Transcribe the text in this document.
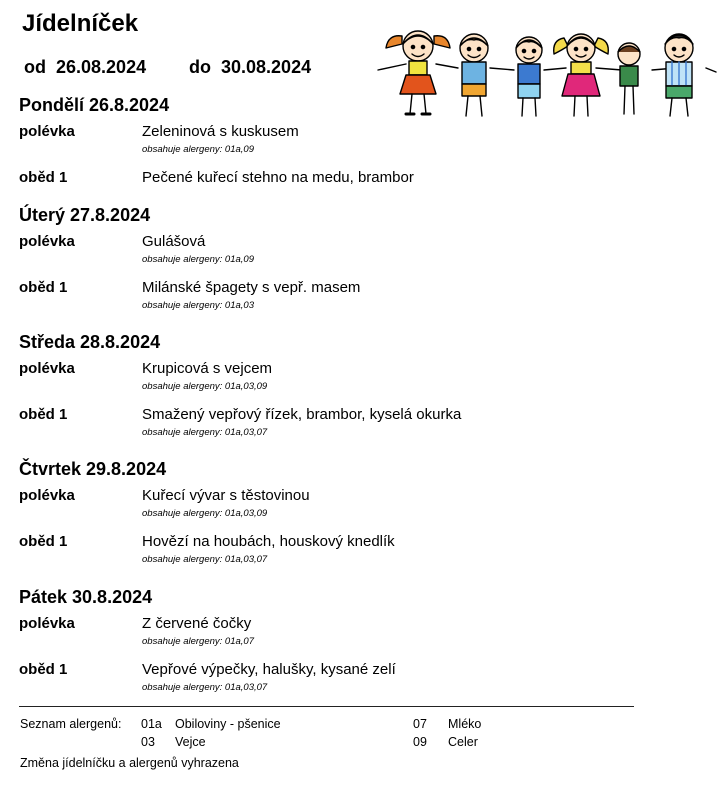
Jídelníček
od 26.08.2024 do 30.08.2024
Pondělí 26.8.2024
polévka	Zeleninová s kuskusem
obsahuje alergeny: 01a,09
oběd 1	Pečené kuřecí stehno na medu, brambor
Úterý 27.8.2024
polévka	Gulášová
obsahuje alergeny: 01a,09
oběd 1	Milánské špagety s vepř. masem
obsahuje alergeny: 01a,03
Středa 28.8.2024
polévka	Krupicová s vejcem
obsahuje alergeny: 01a,03,09
oběd 1	Smažený vepřový řízek, brambor, kyselá okurka
obsahuje alergeny: 01a,03,07
Čtvrtek 29.8.2024
polévka	Kuřecí vývar s těstovinou
obsahuje alergeny: 01a,03,09
oběd 1	Hovězí na houbách, houskový knedlík
obsahuje alergeny: 01a,03,07
Pátek 30.8.2024
polévka	Z červené čočky
obsahuje alergeny: 01a,07
oběd 1	Vepřové výpečky, halušky, kysané zelí
obsahuje alergeny: 01a,03,07
Seznam alergenů: 01a Obiloviny - pšenice	07 Mléko
03 Vejce	09 Celer
Změna jídelníčku a alergenů vyhrazena
